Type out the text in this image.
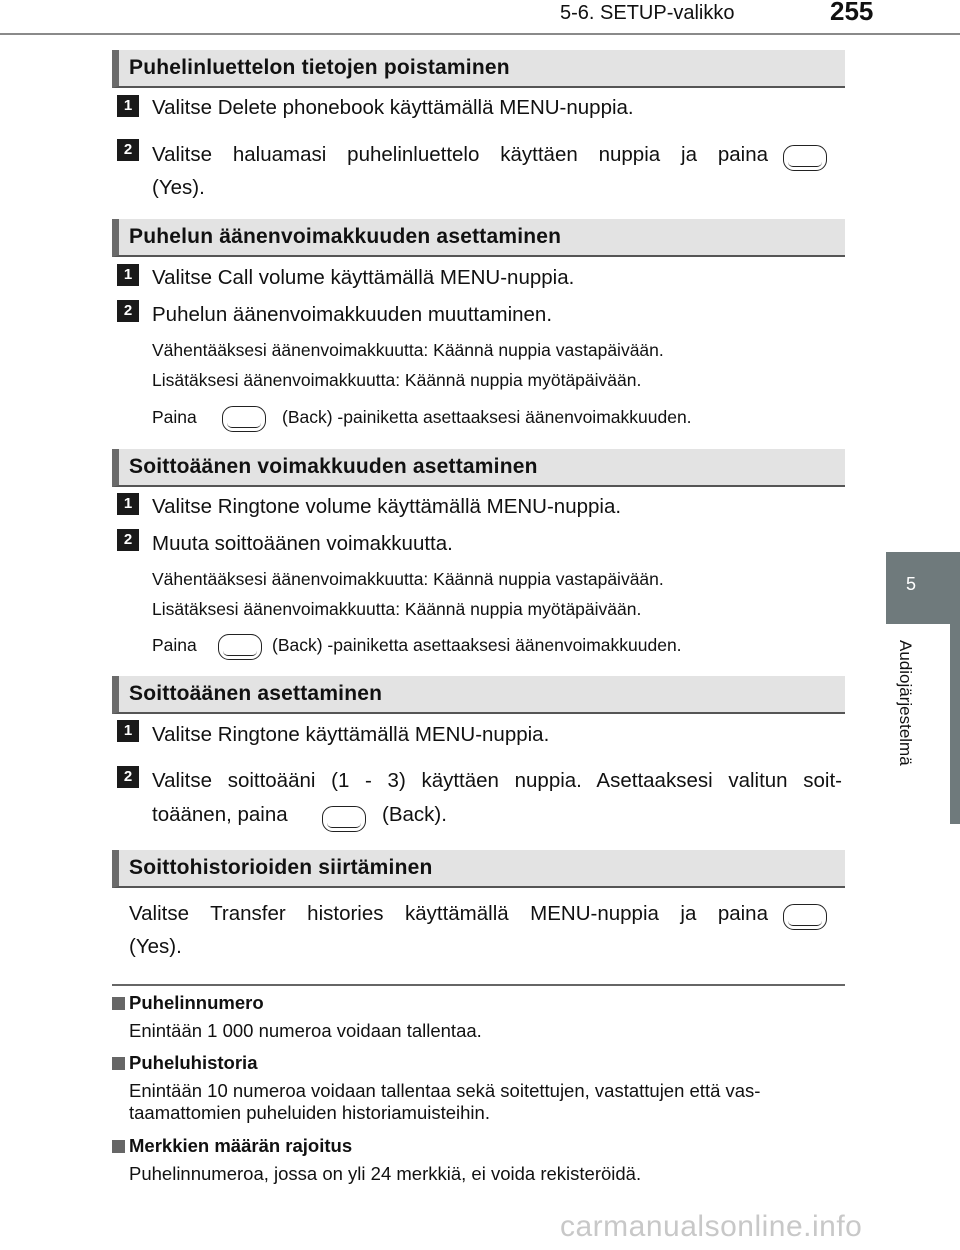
5-6. SETUP-valikko	255
5
Audiojärjestelmä
Puhelinluettelon tietojen poistaminen
1 Valitse Delete phonebook käyttämällä MENU-nuppia.
2 Valitse haluamasi puhelinluettelo käyttäen nuppia ja paina
(Yes).
Puhelun äänenvoimakkuuden asettaminen
1 Valitse Call volume käyttämällä MENU-nuppia.
2 Puhelun äänenvoimakkuuden muuttaminen.
Vähentääksesi äänenvoimakkuutta: Käännä nuppia vastapäivään.
Lisätäksesi äänenvoimakkuutta: Käännä nuppia myötäpäivään.
Paina	(Back) -painiketta asettaaksesi äänenvoimakkuuden.
Soittoäänen voimakkuuden asettaminen
1 Valitse Ringtone volume käyttämällä MENU-nuppia.
2 Muuta soittoäänen voimakkuutta.
Vähentääksesi äänenvoimakkuutta: Käännä nuppia vastapäivään.
Lisätäksesi äänenvoimakkuutta: Käännä nuppia myötäpäivään.
Paina	(Back) -painiketta asettaaksesi äänenvoimakkuuden.
Soittoäänen asettaminen
1 Valitse Ringtone käyttämällä MENU-nuppia.
2 Valitse soittoääni (1 - 3) käyttäen nuppia. Asettaaksesi valitun soit-
toäänen, paina	(Back).
Soittohistorioiden siirtäminen
Valitse Transfer histories käyttämällä MENU-nuppia ja paina
(Yes).
Puhelinnumero
Enintään 1 000 numeroa voidaan tallentaa.
Puheluhistoria
Enintään 10 numeroa voidaan tallentaa sekä soitettujen, vastattujen että vas-taamattomien puheluiden historiamuisteihin.
Merkkien määrän rajoitus
Puhelinnumeroa, jossa on yli 24 merkkiä, ei voida rekisteröidä.
carmanualsonline.info
